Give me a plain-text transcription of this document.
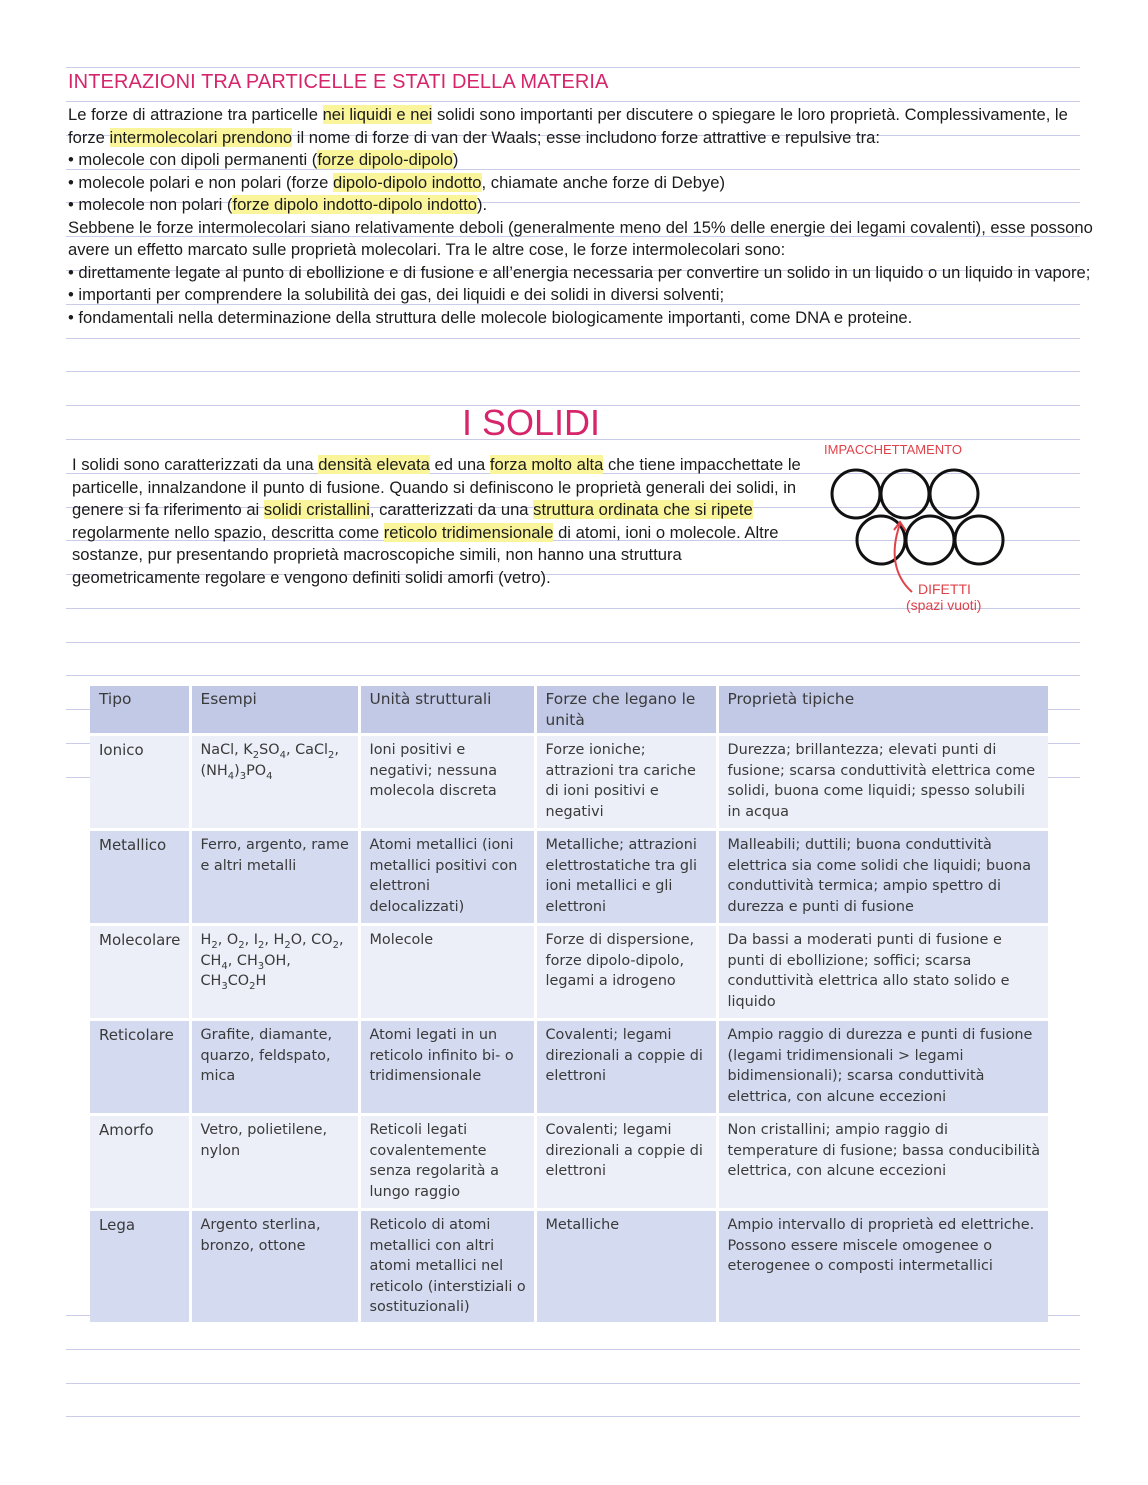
INTERAZIONI TRA PARTICELLE E STATI DELLA MATERIA

Le forze di attrazione tra particelle nei liquidi e nei solidi sono importanti per discutere o spiegare le loro proprietà. Complessivamente, le forze intermolecolari prendono il nome di forze di van der Waals; esse includono forze attrattive e repulsive tra:

• molecole con dipoli permanenti (forze dipolo-dipolo)

• molecole polari e non polari (forze dipolo-dipolo indotto, chiamate anche forze di Debye)

• molecole non polari (forze dipolo indotto-dipolo indotto).

Sebbene le forze intermolecolari siano relativamente deboli (generalmente meno del 15% delle energie dei legami covalenti), esse possono avere un effetto marcato sulle proprietà molecolari. Tra le altre cose, le forze intermolecolari sono:

• direttamente legate al punto di ebollizione e di fusione e all’energia necessaria per convertire un solido in un liquido o un liquido in vapore;

• importanti per comprendere la solubilità dei gas, dei liquidi e dei solidi in diversi solventi;

• fondamentali nella determinazione della struttura delle molecole biologicamente importanti, come DNA e proteine.

I SOLIDI

I solidi sono caratterizzati da una densità elevata ed una forza molto alta che tiene impacchettate le particelle, innalzandone il punto di fusione. Quando si definiscono le proprietà generali dei solidi, in genere si fa riferimento ai solidi cristallini, caratterizzati da una struttura ordinata che si ripete regolarmente nello spazio, descritta come reticolo tridimensionale di atomi, ioni o molecole. Altre sostanze, pur presentando proprietà macroscopiche simili, non hanno una struttura geometricamente regolare e vengono definiti solidi amorfi (vetro).

IMPACCHETTAMENTO
DIFETTI
(spazi vuoti)
Tipo	Esempi	Unità strutturali	Forze che legano le unità	Proprietà tipiche
Ionico	NaCl, $K_2SO_4$, CaCl$_2$, $(NH_4)_3PO_4$	Ioni positivi e negativi; nessuna molecola discreta	Forze ioniche; attrazioni tra cariche di ioni positivi e negativi	Durezza; brillantezza; elevati punti di fusione; scarsa conduttività elettrica come solidi, buona come liquidi; spesso solubili in acqua
Metallico	Ferro, argento, rame e altri metalli	Atomi metallici (ioni metallici positivi con elettroni delocalizzati)	Metalliche; attrazioni elettrostatiche tra gli ioni metallici e gli elettroni	Malleabili; duttili; buona conduttività elettrica sia come solidi che liquidi; buona conduttività termica; ampio spettro di durezza e punti di fusione
Molecolare	$H_2$, $O_2$, $I_2$, $H_2O$, $CO_2$, $CH_4$, $CH_3OH$, $CH_3CO_2H$	Molecole	Forze di dispersione, forze dipolo-dipolo, legami a idrogeno	Da bassi a moderati punti di fusione e punti di ebollizione; soffici; scarsa conduttività elettrica allo stato solido e liquido
Reticolare	Grafite, diamante, quarzo, feldspato, mica	Atomi legati in un reticolo infinito bi- o tridimensionale	Covalenti; legami direzionali a coppie di elettroni	Ampio raggio di durezza e punti di fusione (legami tridimensionali > legami bidimensionali); scarsa conduttività elettrica, con alcune eccezioni
Amorfo	Vetro, polietilene, nylon	Reticoli legati covalentemente senza regolarità a lungo raggio	Covalenti; legami direzionali a coppie di elettroni	Non cristallini; ampio raggio di temperature di fusione; bassa conducibilità elettrica, con alcune eccezioni
Lega	Argento sterlina, bronzo, ottone	Reticolo di atomi metallici con altri atomi metallici nel reticolo (interstiziali o sostituzionali)	Metalliche	Ampio intervallo di proprietà ed elettriche. Possono essere miscele omogenee o eterogenee o composti intermetallici
